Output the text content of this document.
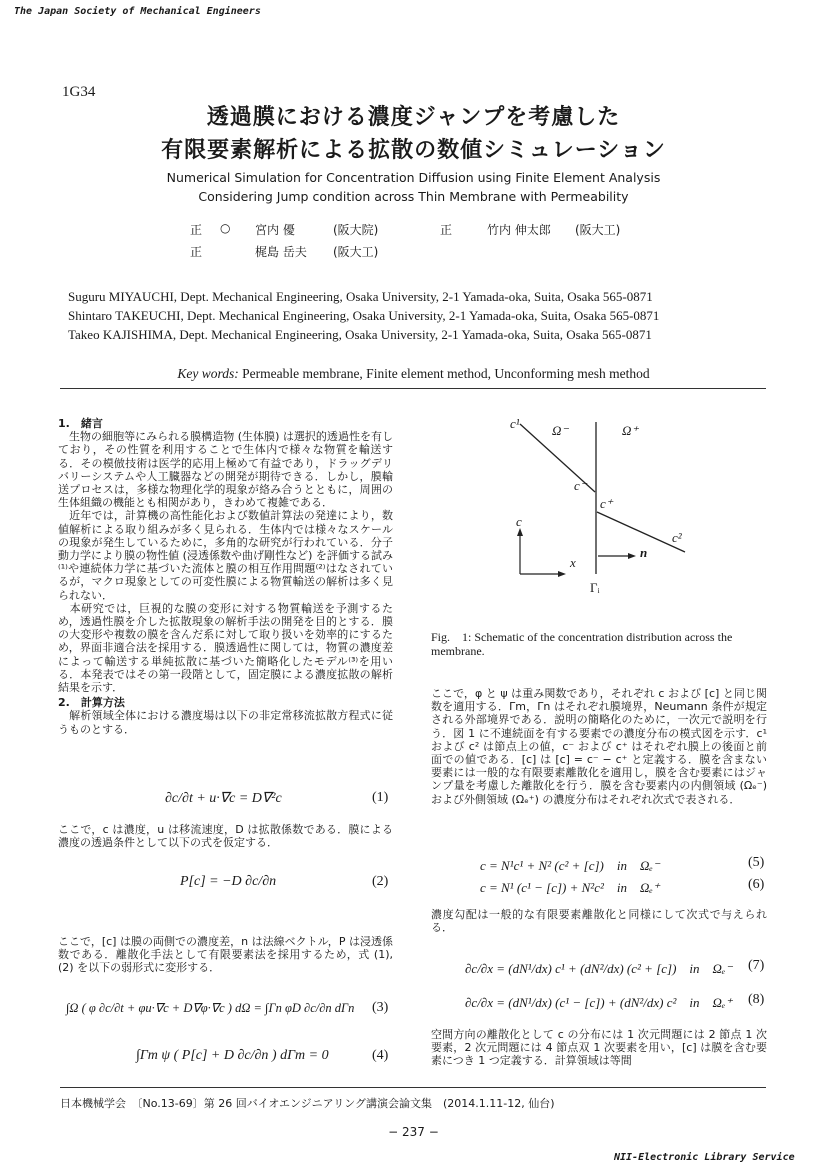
The Japan Society of Mechanical Engineers
1G34
透過膜における濃度ジャンプを考慮した
有限要素解析による拡散の数値シミュレーション
Numerical Simulation for Concentration Diffusion using Finite Element Analysis
Considering Jump condition across Thin Membrane with Permeability
正 ○ 宮内 優	(阪大院)	正	竹内 伸太郎 (阪大工)
正	梶島 岳夫 (阪大工)
Suguru MIYAUCHI, Dept. Mechanical Engineering, Osaka University, 2-1 Yamada-oka, Suita, Osaka 565-0871
Shintaro TAKEUCHI, Dept. Mechanical Engineering, Osaka University, 2-1 Yamada-oka, Suita, Osaka 565-0871
Takeo KAJISHIMA, Dept. Mechanical Engineering, Osaka University, 2-1 Yamada-oka, Suita, Osaka 565-0871
Key words: Permeable membrane, Finite element method, Unconforming mesh method
1.　緒言

　生物の細胞等にみられる膜構造物 (生体膜) は選択的透過性を有しており，その性質を利用することで生体内で様々な物質を輸送する．その模倣技術は医学的応用上極めて有益であり，ドラッグデリバリーシステムや人工臓器などの開発が期待できる．しかし，膜輸送プロセスは，多様な物理化学的現象が絡み合うとともに，周囲の生体組織の機能とも相関があり，きわめて複雑である．

　近年では，計算機の高性能化および数値計算法の発達により，数値解析による取り組みが多く見られる．生体内では様々なスケールの現象が発生しているために，多角的な研究が行われている．分子動力学により膜の物性値 (浸透係数や曲げ剛性など) を評価する試み⁽¹⁾や連続体力学に基づいた流体と膜の相互作用問題⁽²⁾はなされているが，マクロ現象としての可変性膜による物質輸送の解析は多く見られない．

　本研究では，巨視的な膜の変形に対する物質輸送を予測するため，透過性膜を介した拡散現象の解析手法の開発を目的とする．膜の大変形や複数の膜を含んだ系に対して取り扱いを効率的にするため，界面非適合法を採用する．膜透過性に関しては，物質の濃度差によって輸送する単純拡散に基づいた簡略化したモデル⁽³⁾を用いる．本発表ではその第一段階として，固定膜による濃度拡散の解析結果を示す．

2.　計算方法

　解析領域全体における濃度場は以下の非定常移流拡散方程式に従うものとする．

∂c/∂t + u·∇c = D∇²c	(1)

ここで，c は濃度，u は移流速度，D は拡散係数である．膜による濃度の透過条件として以下の式を仮定する．

P[c] = −D ∂c/∂n	(2)

ここで，[c] は膜の両側での濃度差，n は法線ベクトル，P は浸透係数である．離散化手法として有限要素法を採用するため，式 (1), (2) を以下の弱形式に変形する．

∫Ω ( φ ∂c/∂t + φu·∇c + D∇φ·∇c ) dΩ = ∫Γn φD ∂c/∂n dΓn (3)
∫Γm ψ ( P[c] + D ∂c/∂n ) dΓm = 0	(4)
c¹ Ω⁻	Ω⁺
c⁻
c⁺
c²
c
x
n
Γᵢ
Fig.　1: Schematic of the concentration distribution across the membrane.

ここで，φ と ψ は重み関数であり，それぞれ c および [c] と同じ関数を適用する．Γm，Γn はそれぞれ膜境界，Neumann 条件が規定される外部境界である．説明の簡略化のために，一次元で説明を行う．図 1 に不連続面を有する要素での濃度分布の模式図を示す．c¹ および c² は節点上の値，c⁻ および c⁺ はそれぞれ膜上の後面と前面での値である．[c] は [c] = c⁻ − c⁺ と定義する．膜を含まない要素には一般的な有限要素離散化を適用し，膜を含む要素にはジャンプ量を考慮した離散化を行う．膜を含む要素内の内側領域 (Ωₑ⁻) および外側領域 (Ωₑ⁺) の濃度分布はそれぞれ次式で表される．

c = N¹c¹ + N² (c² + [c])　in　Ωₑ⁻	(5)
c = N¹ (c¹ − [c]) + N²c²　in　Ωₑ⁺	(6)

濃度勾配は一般的な有限要素離散化と同様にして次式で与えられる．

∂c/∂x = (dN¹/dx) c¹ + (dN²/dx) (c² + [c])　in　Ωₑ⁻ (7)
∂c/∂x = (dN¹/dx) (c¹ − [c]) + (dN²/dx) c²　in　Ωₑ⁺ (8)

空間方向の離散化として c の分布には 1 次元問題には 2 節点 1 次要素，2 次元問題には 4 節点双 1 次要素を用い，[c] は膜を含む要素につき 1 つ定義する．計算領域は等間

日本機械学会　〔No.13-69〕第 26 回バイオエンジニアリング講演会論文集　(2014.1.11-12, 仙台)
− 237 −
NII-Electronic Library Service
